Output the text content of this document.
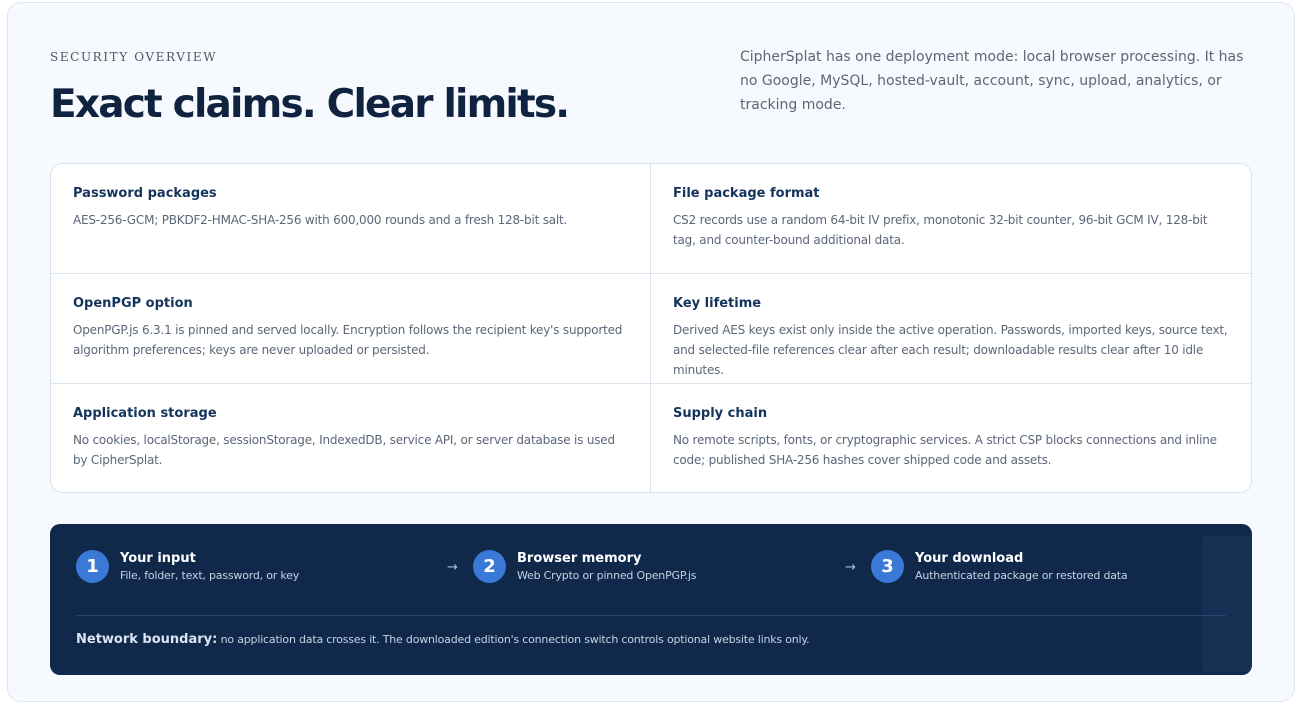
SECURITY OVERVIEW
Exact claims. Clear limits.

CipherSplat has one deployment mode: local browser processing. It has no Google, MySQL, hosted-vault, account, sync, upload, analytics, or tracking mode.

Password packages
AES-256-GCM; PBKDF2-HMAC-SHA-256 with 600,000 rounds and a fresh 128-bit salt.
File package format
CS2 records use a random 64-bit IV prefix, monotonic 32-bit counter, 96-bit GCM IV, 128-bit tag, and counter-bound additional data.
OpenPGP option
OpenPGP.js 6.3.1 is pinned and served locally. Encryption follows the recipient key's supported algorithm preferences; keys are never uploaded or persisted.
Key lifetime
Derived AES keys exist only inside the active operation. Passwords, imported keys, source text, and selected-file references clear after each result; downloadable results clear after 10 idle minutes.
Application storage
No cookies, localStorage, sessionStorage, IndexedDB, service API, or server database is used by CipherSplat.
Supply chain
No remote scripts, fonts, or cryptographic services. A strict CSP blocks connections and inline code; published SHA-256 hashes cover shipped code and assets.
1	Your input
File, folder, text, password, or key
→	2	Browser memory
Web Crypto or pinned OpenPGP.js
→	3	Your download
Authenticated package or restored data
Network boundary: no application data crosses it. The downloaded edition's connection switch controls optional website links only.
